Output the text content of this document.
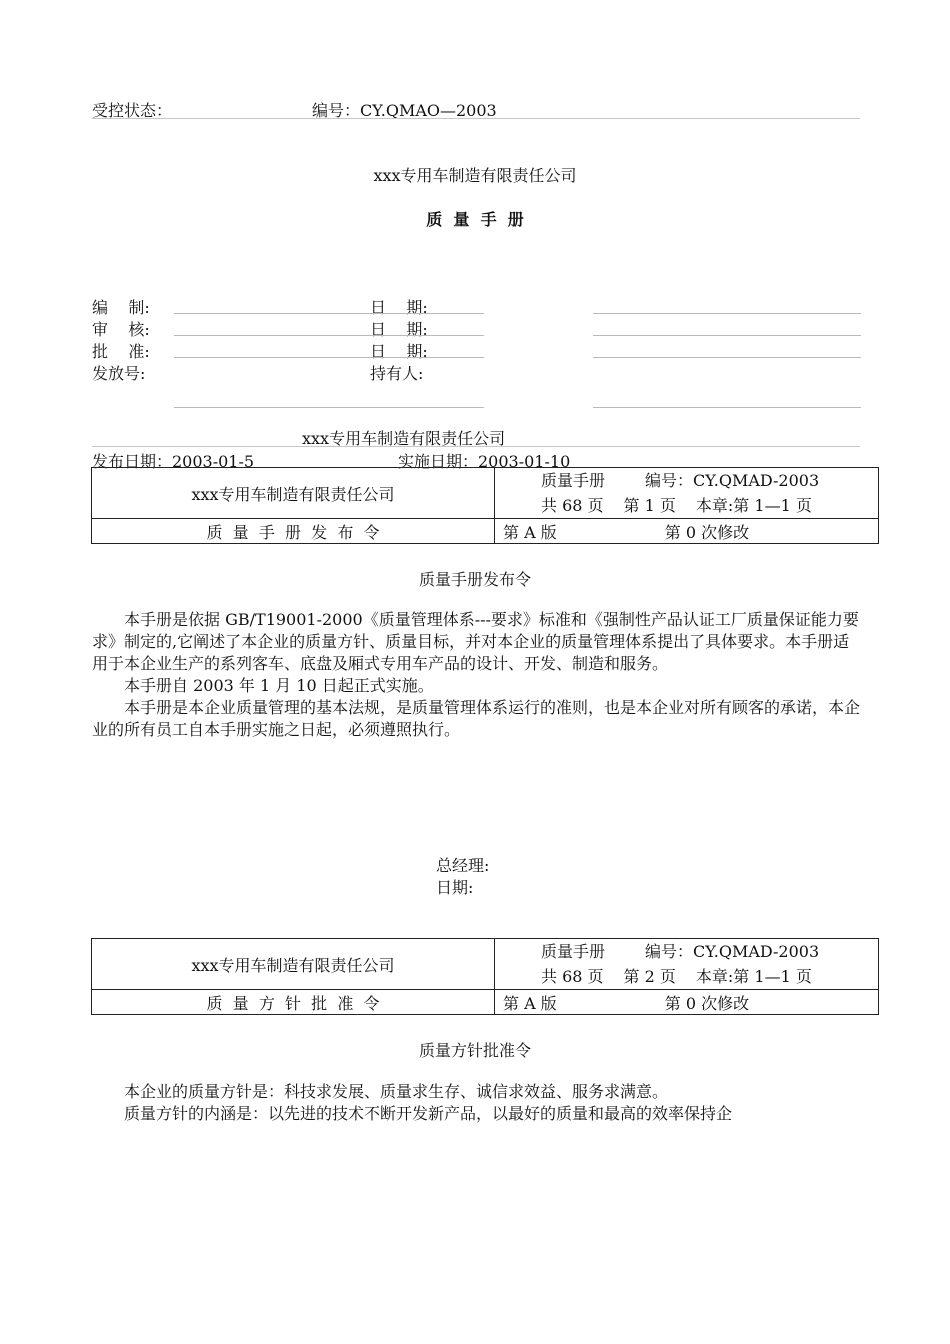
受控状态：	编号：CY.QMAO—2003
xxx专用车制造有限责任公司
质  量  手  册
编    制:	日    期:
审    核:	日    期:
批    准:	日    期:
发放号:	持有人:
xxx专用车制造有限责任公司
发布日期：2003-01-5	实施日期：2003-01-10
xxx专用车制造有限责任公司	质量手册 编号：CY.QMAD-2003
共 68 页 第 1 页 本章:第 1—1 页

质  量  手  册  发  布  令	第 A 版 第 0 次修改
质量手册发布令

本手册是依据 GB/T19001-2000《质量管理体系---要求》标准和《强制性产品认证工厂质量保证能力要求》制定的,它阐述了本企业的质量方针、质量目标，并对本企业的质量管理体系提出了具体要求。本手册适用于本企业生产的系列客车、底盘及厢式专用车产品的设计、开发、制造和服务。

本手册自 2003 年 1 月 10 日起正式实施。

本手册是本企业质量管理的基本法规，是质量管理体系运行的准则，也是本企业对所有顾客的承诺，本企业的所有员工自本手册实施之日起，必须遵照执行。

总经理:
日期:
xxx专用车制造有限责任公司	质量手册 编号：CY.QMAD-2003
共 68 页 第 2 页 本章:第 1—1 页

质  量  方  针  批  准  令	第 A 版 第 0 次修改
质量方针批准令

本企业的质量方针是：科技求发展、质量求生存、诚信求效益、服务求满意。

质量方针的内涵是：以先进的技术不断开发新产品，以最好的质量和最高的效率保持企
